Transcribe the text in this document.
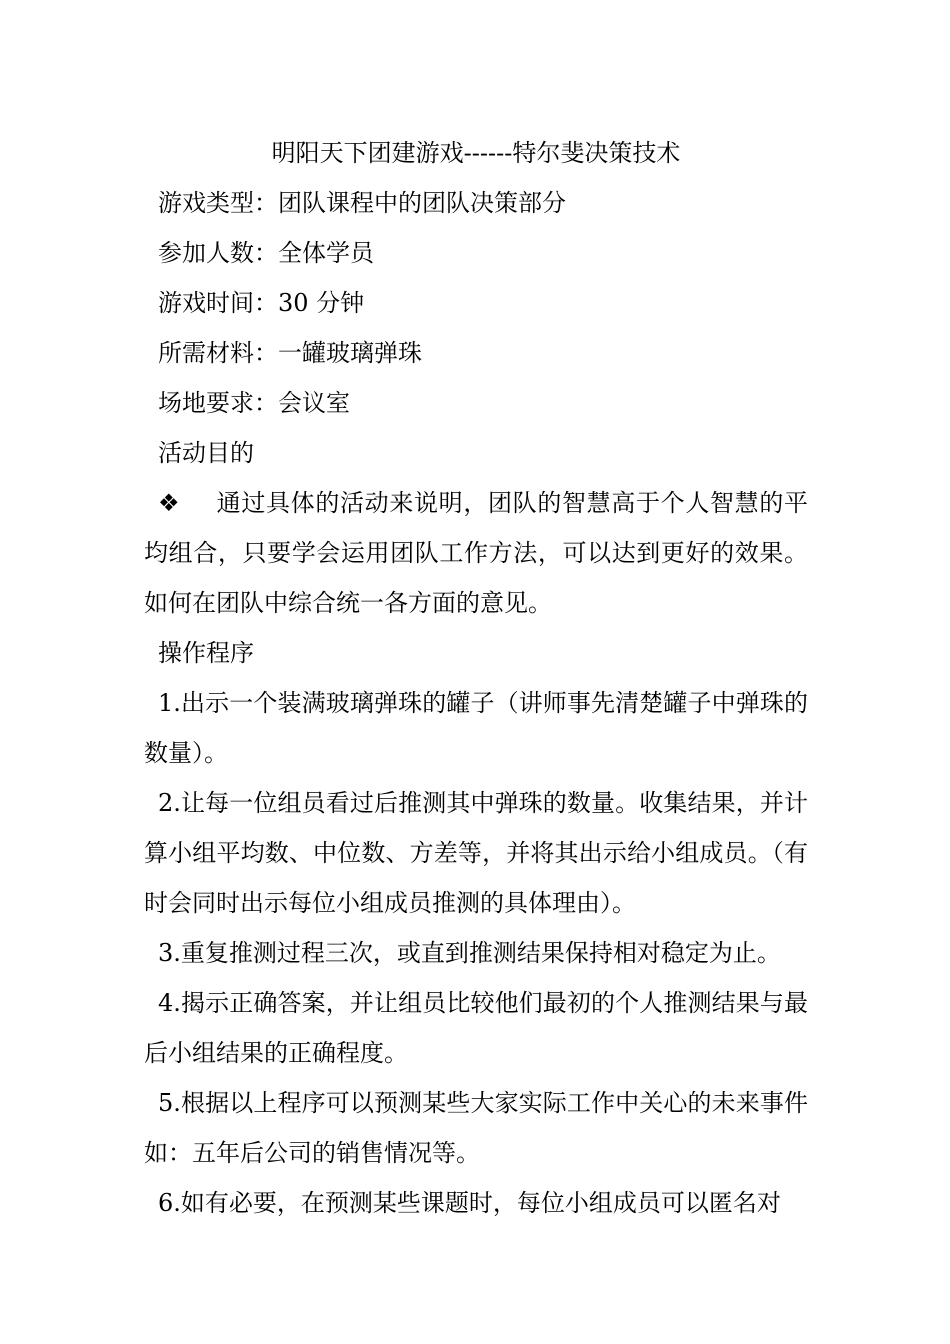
明阳天下团建游戏------特尔斐决策技术

游戏类型：团队课程中的团队决策部分

参加人数：全体学员

游戏时间：30 分钟

所需材料：一罐玻璃弹珠

场地要求：会议室

活动目的

❖ 通过具体的活动来说明，团队的智慧高于个人智慧的平均组合，只要学会运用团队工作方法，可以达到更好的效果。如何在团队中综合统一各方面的意见。

操作程序

1.出示一个装满玻璃弹珠的罐子（讲师事先清楚罐子中弹珠的数量）。

2.让每一位组员看过后推测其中弹珠的数量。收集结果，并计算小组平均数、中位数、方差等，并将其出示给小组成员。（有时会同时出示每位小组成员推测的具体理由）。

3.重复推测过程三次，或直到推测结果保持相对稳定为止。

4.揭示正确答案，并让组员比较他们最初的个人推测结果与最后小组结果的正确程度。

5.根据以上程序可以预测某些大家实际工作中关心的未来事件如：五年后公司的销售情况等。

6.如有必要，在预测某些课题时，每位小组成员可以匿名对
